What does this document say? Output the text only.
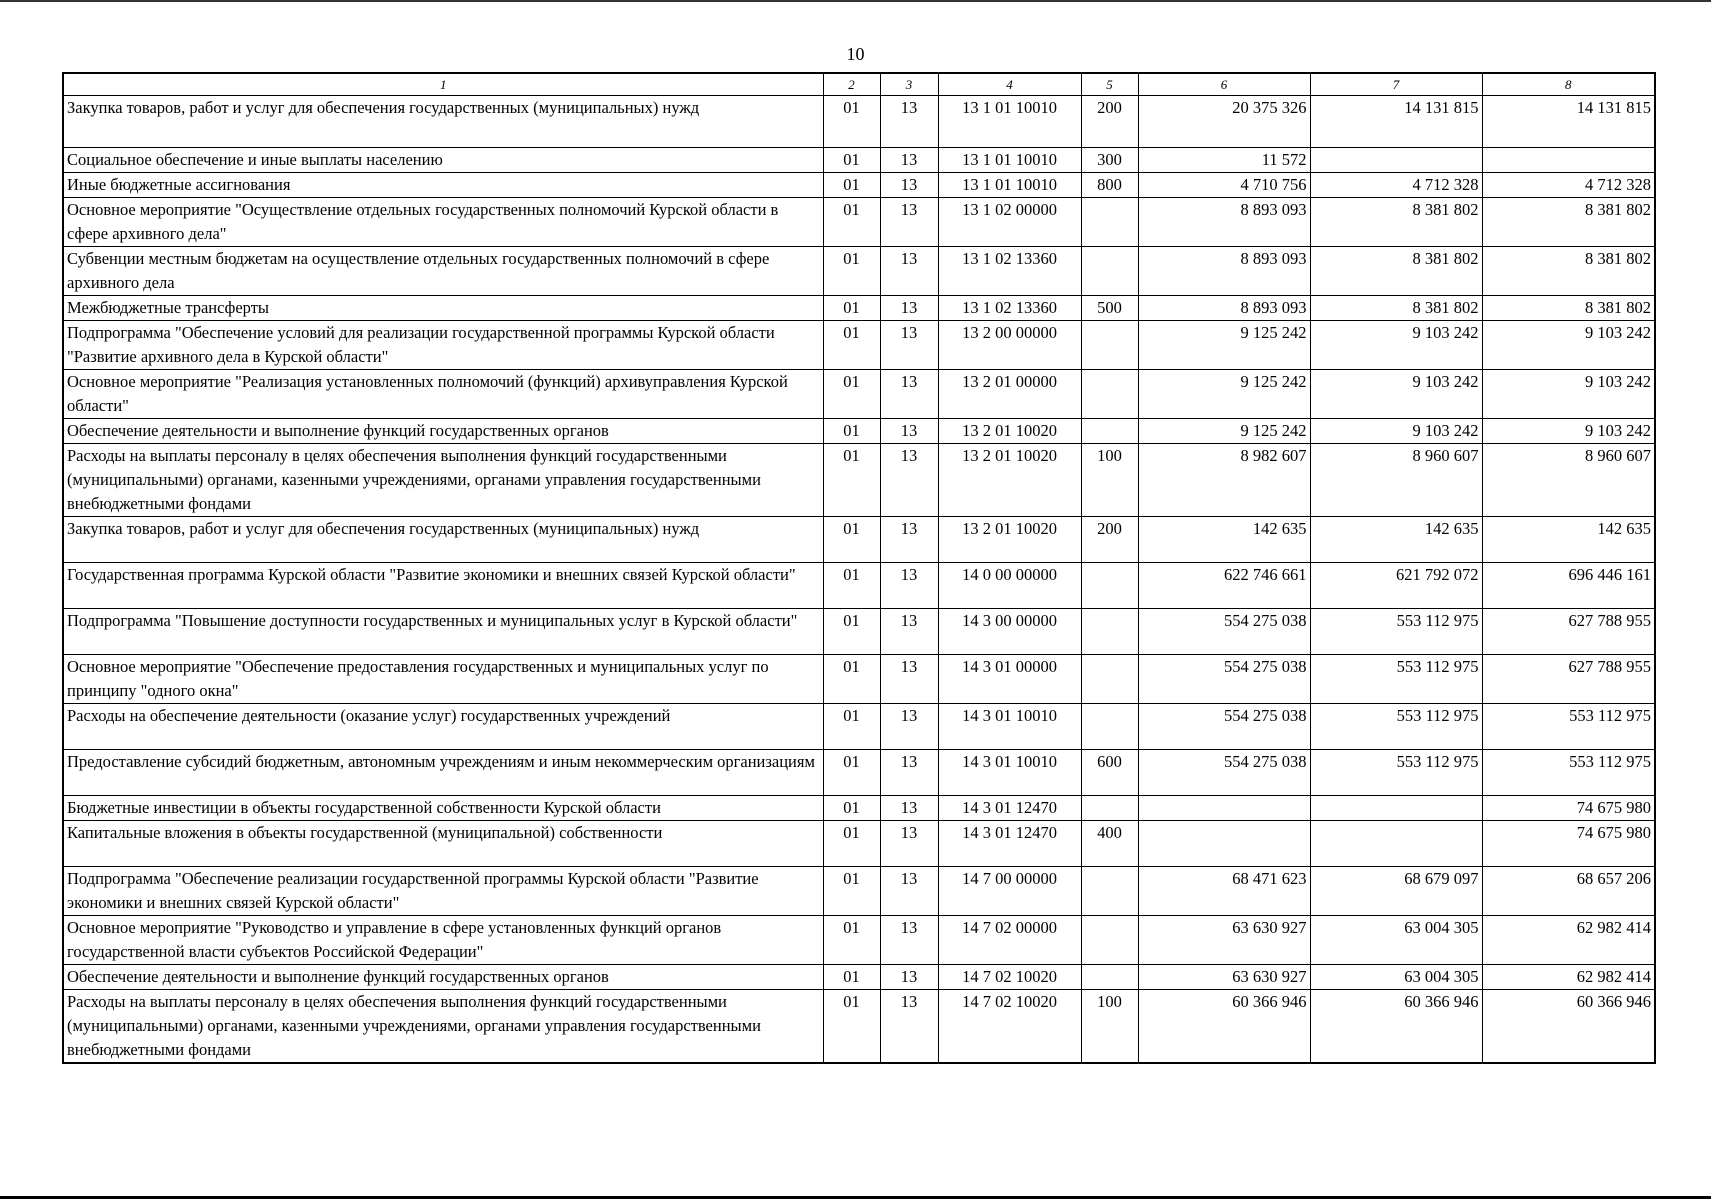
10
1	2	3	4	5	6	7	8
Закупка товаров, работ и услуг для обеспечения государственных (муниципальных) нужд	01	13	13 1 01 10010	200	20 375 326	14 131 815	14 131 815
Социальное обеспечение и иные выплаты населению	01	13	13 1 01 10010	300	11 572		
Иные бюджетные ассигнования	01	13	13 1 01 10010	800	4 710 756	4 712 328	4 712 328
Основное мероприятие "Осуществление отдельных государственных полномочий Курской области в сфере архивного дела"	01	13	13 1 02 00000		8 893 093	8 381 802	8 381 802
Субвенции местным бюджетам на осуществление отдельных государственных полномочий в сфере архивного дела	01	13	13 1 02 13360		8 893 093	8 381 802	8 381 802
Межбюджетные трансферты	01	13	13 1 02 13360	500	8 893 093	8 381 802	8 381 802
Подпрограмма "Обеспечение условий для реализации государственной программы Курской области "Развитие архивного дела в Курской области"	01	13	13 2 00 00000		9 125 242	9 103 242	9 103 242
Основное мероприятие "Реализация установленных полномочий (функций) архивуправления Курской области"	01	13	13 2 01 00000		9 125 242	9 103 242	9 103 242
Обеспечение деятельности и выполнение функций государственных органов	01	13	13 2 01 10020		9 125 242	9 103 242	9 103 242
Расходы на выплаты персоналу в целях обеспечения выполнения функций государственными (муниципальными) органами, казенными учреждениями, органами управления государственными внебюджетными фондами	01	13	13 2 01 10020	100	8 982 607	8 960 607	8 960 607
Закупка товаров, работ и услуг для обеспечения государственных (муниципальных) нужд	01	13	13 2 01 10020	200	142 635	142 635	142 635
Государственная программа Курской области "Развитие экономики и внешних связей Курской области"	01	13	14 0 00 00000		622 746 661	621 792 072	696 446 161
Подпрограмма "Повышение доступности государственных и муниципальных услуг в Курской области"	01	13	14 3 00 00000		554 275 038	553 112 975	627 788 955
Основное мероприятие "Обеспечение предоставления государственных и муниципальных услуг по принципу "одного окна"	01	13	14 3 01 00000		554 275 038	553 112 975	627 788 955
Расходы на обеспечение деятельности (оказание услуг) государственных учреждений	01	13	14 3 01 10010		554 275 038	553 112 975	553 112 975
Предоставление субсидий бюджетным, автономным учреждениям и иным некоммерческим организациям	01	13	14 3 01 10010	600	554 275 038	553 112 975	553 112 975
Бюджетные инвестиции в объекты государственной собственности Курской области	01	13	14 3 01 12470				74 675 980
Капитальные вложения в объекты государственной (муниципальной) собственности	01	13	14 3 01 12470	400			74 675 980
Подпрограмма "Обеспечение реализации государственной программы Курской области "Развитие экономики и внешних связей Курской области"	01	13	14 7 00 00000		68 471 623	68 679 097	68 657 206
Основное мероприятие "Руководство и управление в сфере установленных функций органов государственной власти субъектов Российской Федерации"	01	13	14 7 02 00000		63 630 927	63 004 305	62 982 414
Обеспечение деятельности и выполнение функций государственных органов	01	13	14 7 02 10020		63 630 927	63 004 305	62 982 414
Расходы на выплаты персоналу в целях обеспечения выполнения функций государственными (муниципальными) органами, казенными учреждениями, органами управления государственными внебюджетными фондами	01	13	14 7 02 10020	100	60 366 946	60 366 946	60 366 946
